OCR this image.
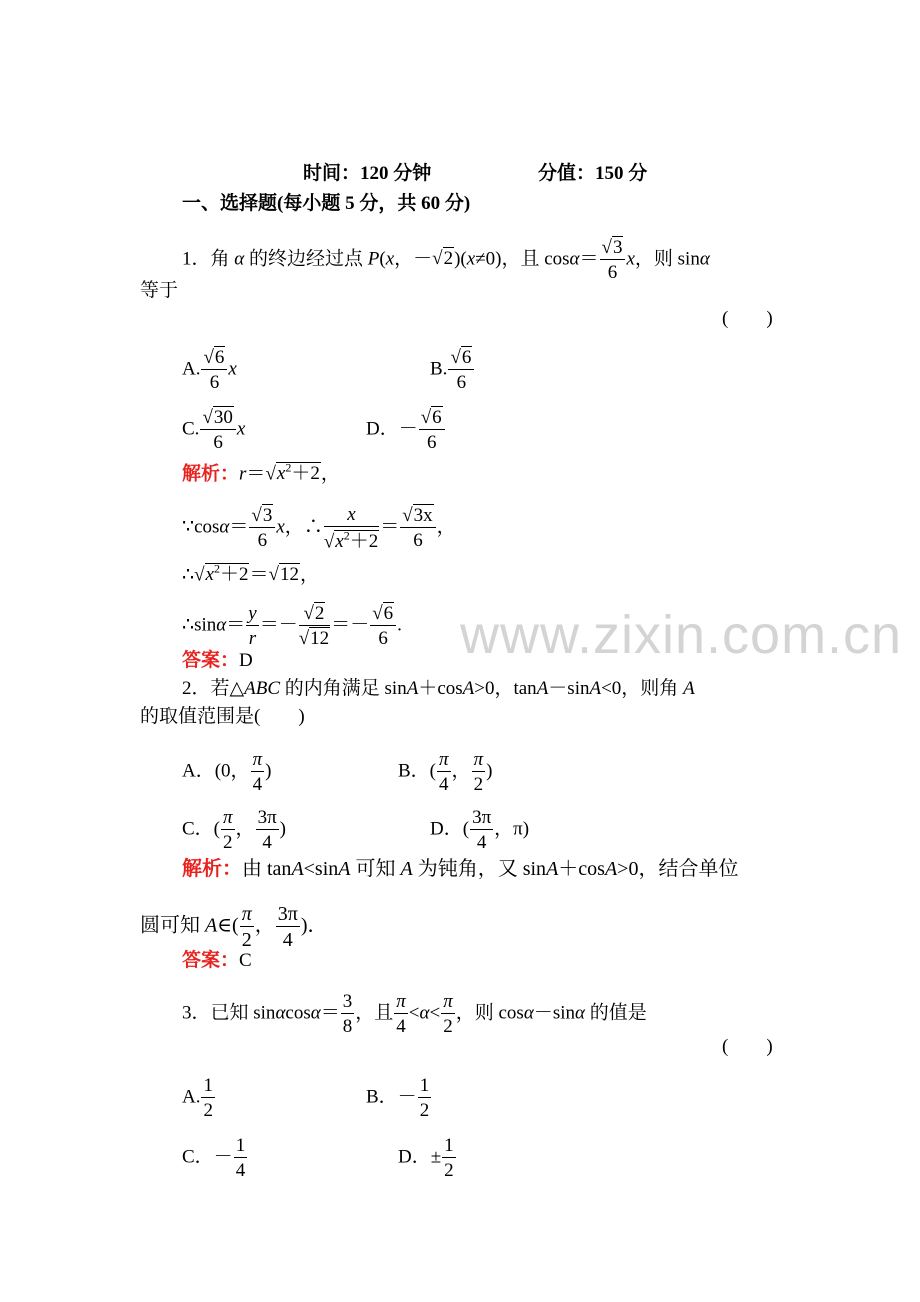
www.zixin.com.cn
时间：120 分钟	分值：150 分
一、选择题(每小题 5 分，共 60 分)
1．角 α 的终边经过点 P(x，－√2)(x≠0)，且 $\cos\alpha= \frac{√3}{6}$ x，则 sinα
等于
(　　)
A. $\frac{√6}{6}$ x	B. $\frac{√6}{6}$
C. $\frac{√30}{6}$ x	D．－ $\frac{√6}{6}$
解析：$r=√x^2+2$，
∵cosα＝ $\frac{√3}{6}$ x，∴ $\frac{x}{√x^2+2} = \frac{√3x}{6}$ ，
$\therefore√x^2+2=√12$，
∴sinα＝ $\frac{y}{r} =- \frac{√2}{√12} =- \frac{√6}{6}$ .
答案：D
2．若△ABC 的内角满足 sinA＋cosA>0，tanA－sinA<0，则角 A
的取值范围是(　　)
A．(0， $\frac{\pi}{4}$ )	B．( $\frac{\pi}{4}$ ， $\frac{\pi}{2}$ )
C．( $\frac{\pi}{2}$ ， $\frac{3\pi}{4}$ )	D．( $\frac{3\pi}{4}$ ，π)
解析：由 tanA<sinA 可知 A 为钝角，又 sinA＋cosA>0，结合单位
圆可知 A∈( $\frac{\pi}{2}$ ， $\frac{3\pi}{4}$ )．
答案：C
3．已知 $\sin\alpha\cos\alpha= \frac{3}{8}$ ，且 $\frac{\pi}{4} <\alpha< \frac{\pi}{2}$ ，则 cosα－sinα 的值是
(　　)
A. $\frac{1}{2}$	B．－ $\frac{1}{2}$
C．－ $\frac{1}{4}$	D．± $\frac{1}{2}$
